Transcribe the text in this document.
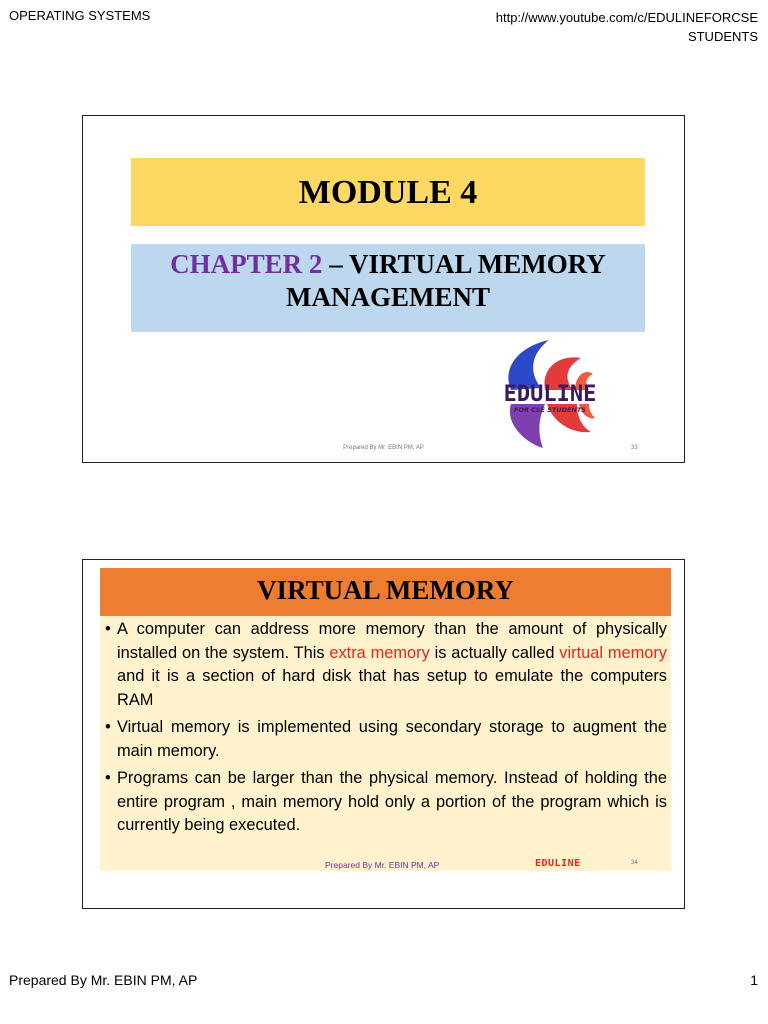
OPERATING SYSTEMS	http://www.youtube.com/c/EDULINEFORCSE
STUDENTS
MODULE 4
CHAPTER 2 – VIRTUAL MEMORY
MANAGEMENT
EDULINE
FOR CSE STUDENTS
Prepared By Mr. EBIN PM, AP	33
VIRTUAL MEMORY
• A computer can address more memory than the amount of physically installed on the system. This extra memory is actually called virtual memory and it is a section of hard disk that has setup to emulate the computers RAM
• Virtual memory is implemented using secondary storage to augment the main memory.
• Programs can be larger than the physical memory. Instead of holding the entire program , main memory hold only a portion of the program which is currently being executed.
Prepared By Mr. EBIN PM, AP	EDULINE	34
Prepared By Mr. EBIN PM, AP	1
